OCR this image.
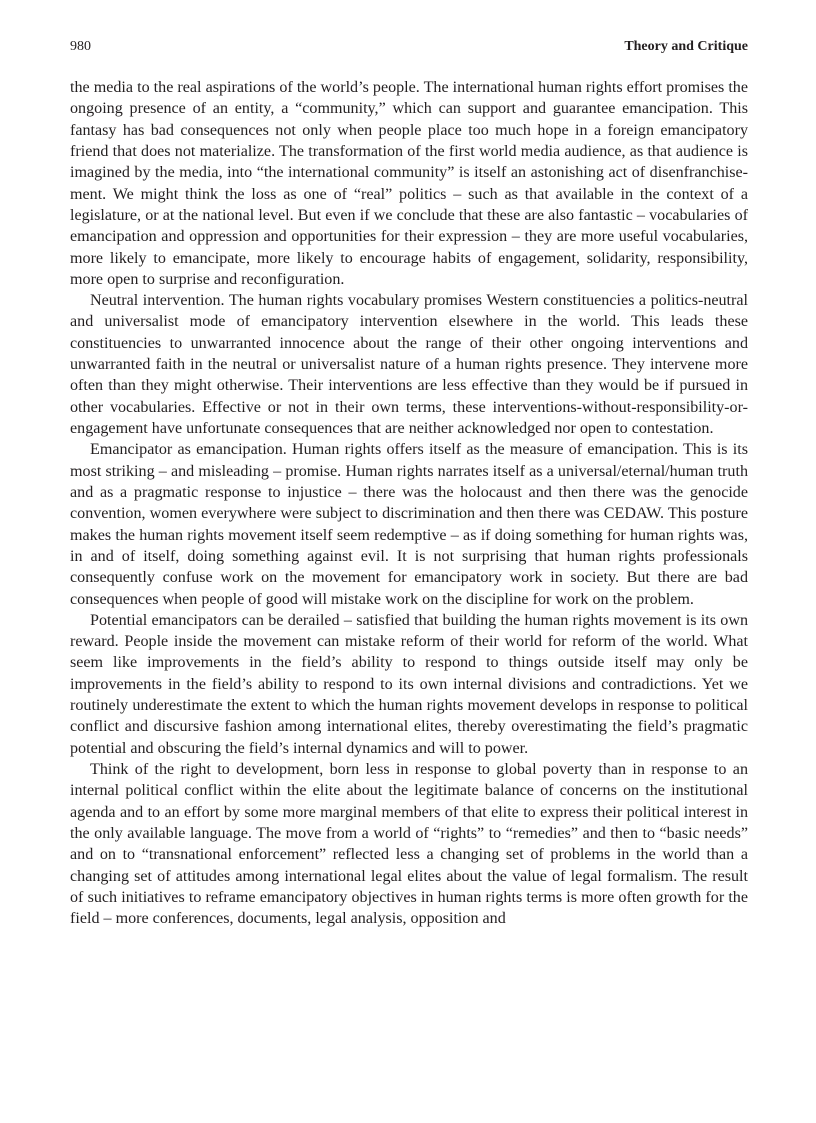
980	Theory and Critique

the media to the real aspirations of the world’s people. The international human rights effort promises the ongoing presence of an entity, a “community,” which can support and guarantee emancipation. This fantasy has bad consequences not only when people place too much hope in a foreign emancipatory friend that does not materialize. The transformation of the first world media audience, as that audience is imagined by the media, into “the international community” is itself an astonishing act of disenfranchisement. We might think the loss as one of “real” politics – such as that available in the context of a legislature, or at the national level. But even if we conclude that these are also fantastic – vocabularies of emancipation and oppression and opportunities for their expression – they are more useful vocabularies, more likely to emancipate, more likely to encourage habits of engagement, solidarity, responsibility, more open to surprise and reconfiguration.

Neutral intervention. The human rights vocabulary promises Western constituencies a politics-neutral and universalist mode of emancipatory intervention elsewhere in the world. This leads these constituencies to unwarranted innocence about the range of their other ongoing interventions and unwarranted faith in the neutral or universalist nature of a human rights presence. They intervene more often than they might otherwise. Their interventions are less effective than they would be if pursued in other vocabularies. Effective or not in their own terms, these interventions-without-responsibility-or-engagement have unfortunate consequences that are neither acknowledged nor open to contestation.

Emancipator as emancipation. Human rights offers itself as the measure of emancipation. This is its most striking – and misleading – promise. Human rights narrates itself as a universal/eternal/human truth and as a pragmatic response to injustice – there was the holocaust and then there was the genocide convention, women everywhere were subject to discrimination and then there was CEDAW. This posture makes the human rights movement itself seem redemptive – as if doing something for human rights was, in and of itself, doing something against evil. It is not surprising that human rights professionals consequently confuse work on the movement for emancipatory work in society. But there are bad consequences when people of good will mistake work on the discipline for work on the problem.

Potential emancipators can be derailed – satisfied that building the human rights movement is its own reward. People inside the movement can mistake reform of their world for reform of the world. What seem like improvements in the field’s ability to respond to things outside itself may only be improvements in the field’s ability to respond to its own internal divisions and contradictions. Yet we routinely underestimate the extent to which the human rights movement develops in response to political conflict and discursive fashion among international elites, thereby overestimating the field’s pragmatic potential and obscuring the field’s internal dynamics and will to power.

Think of the right to development, born less in response to global poverty than in response to an internal political conflict within the elite about the legitimate balance of concerns on the institutional agenda and to an effort by some more marginal members of that elite to express their political interest in the only available language. The move from a world of “rights” to “remedies” and then to “basic needs” and on to “transnational enforcement” reflected less a changing set of problems in the world than a changing set of attitudes among international legal elites about the value of legal formalism. The result of such initiatives to reframe emancipatory objectives in human rights terms is more often growth for the field – more conferences, documents, legal analysis, opposition and
